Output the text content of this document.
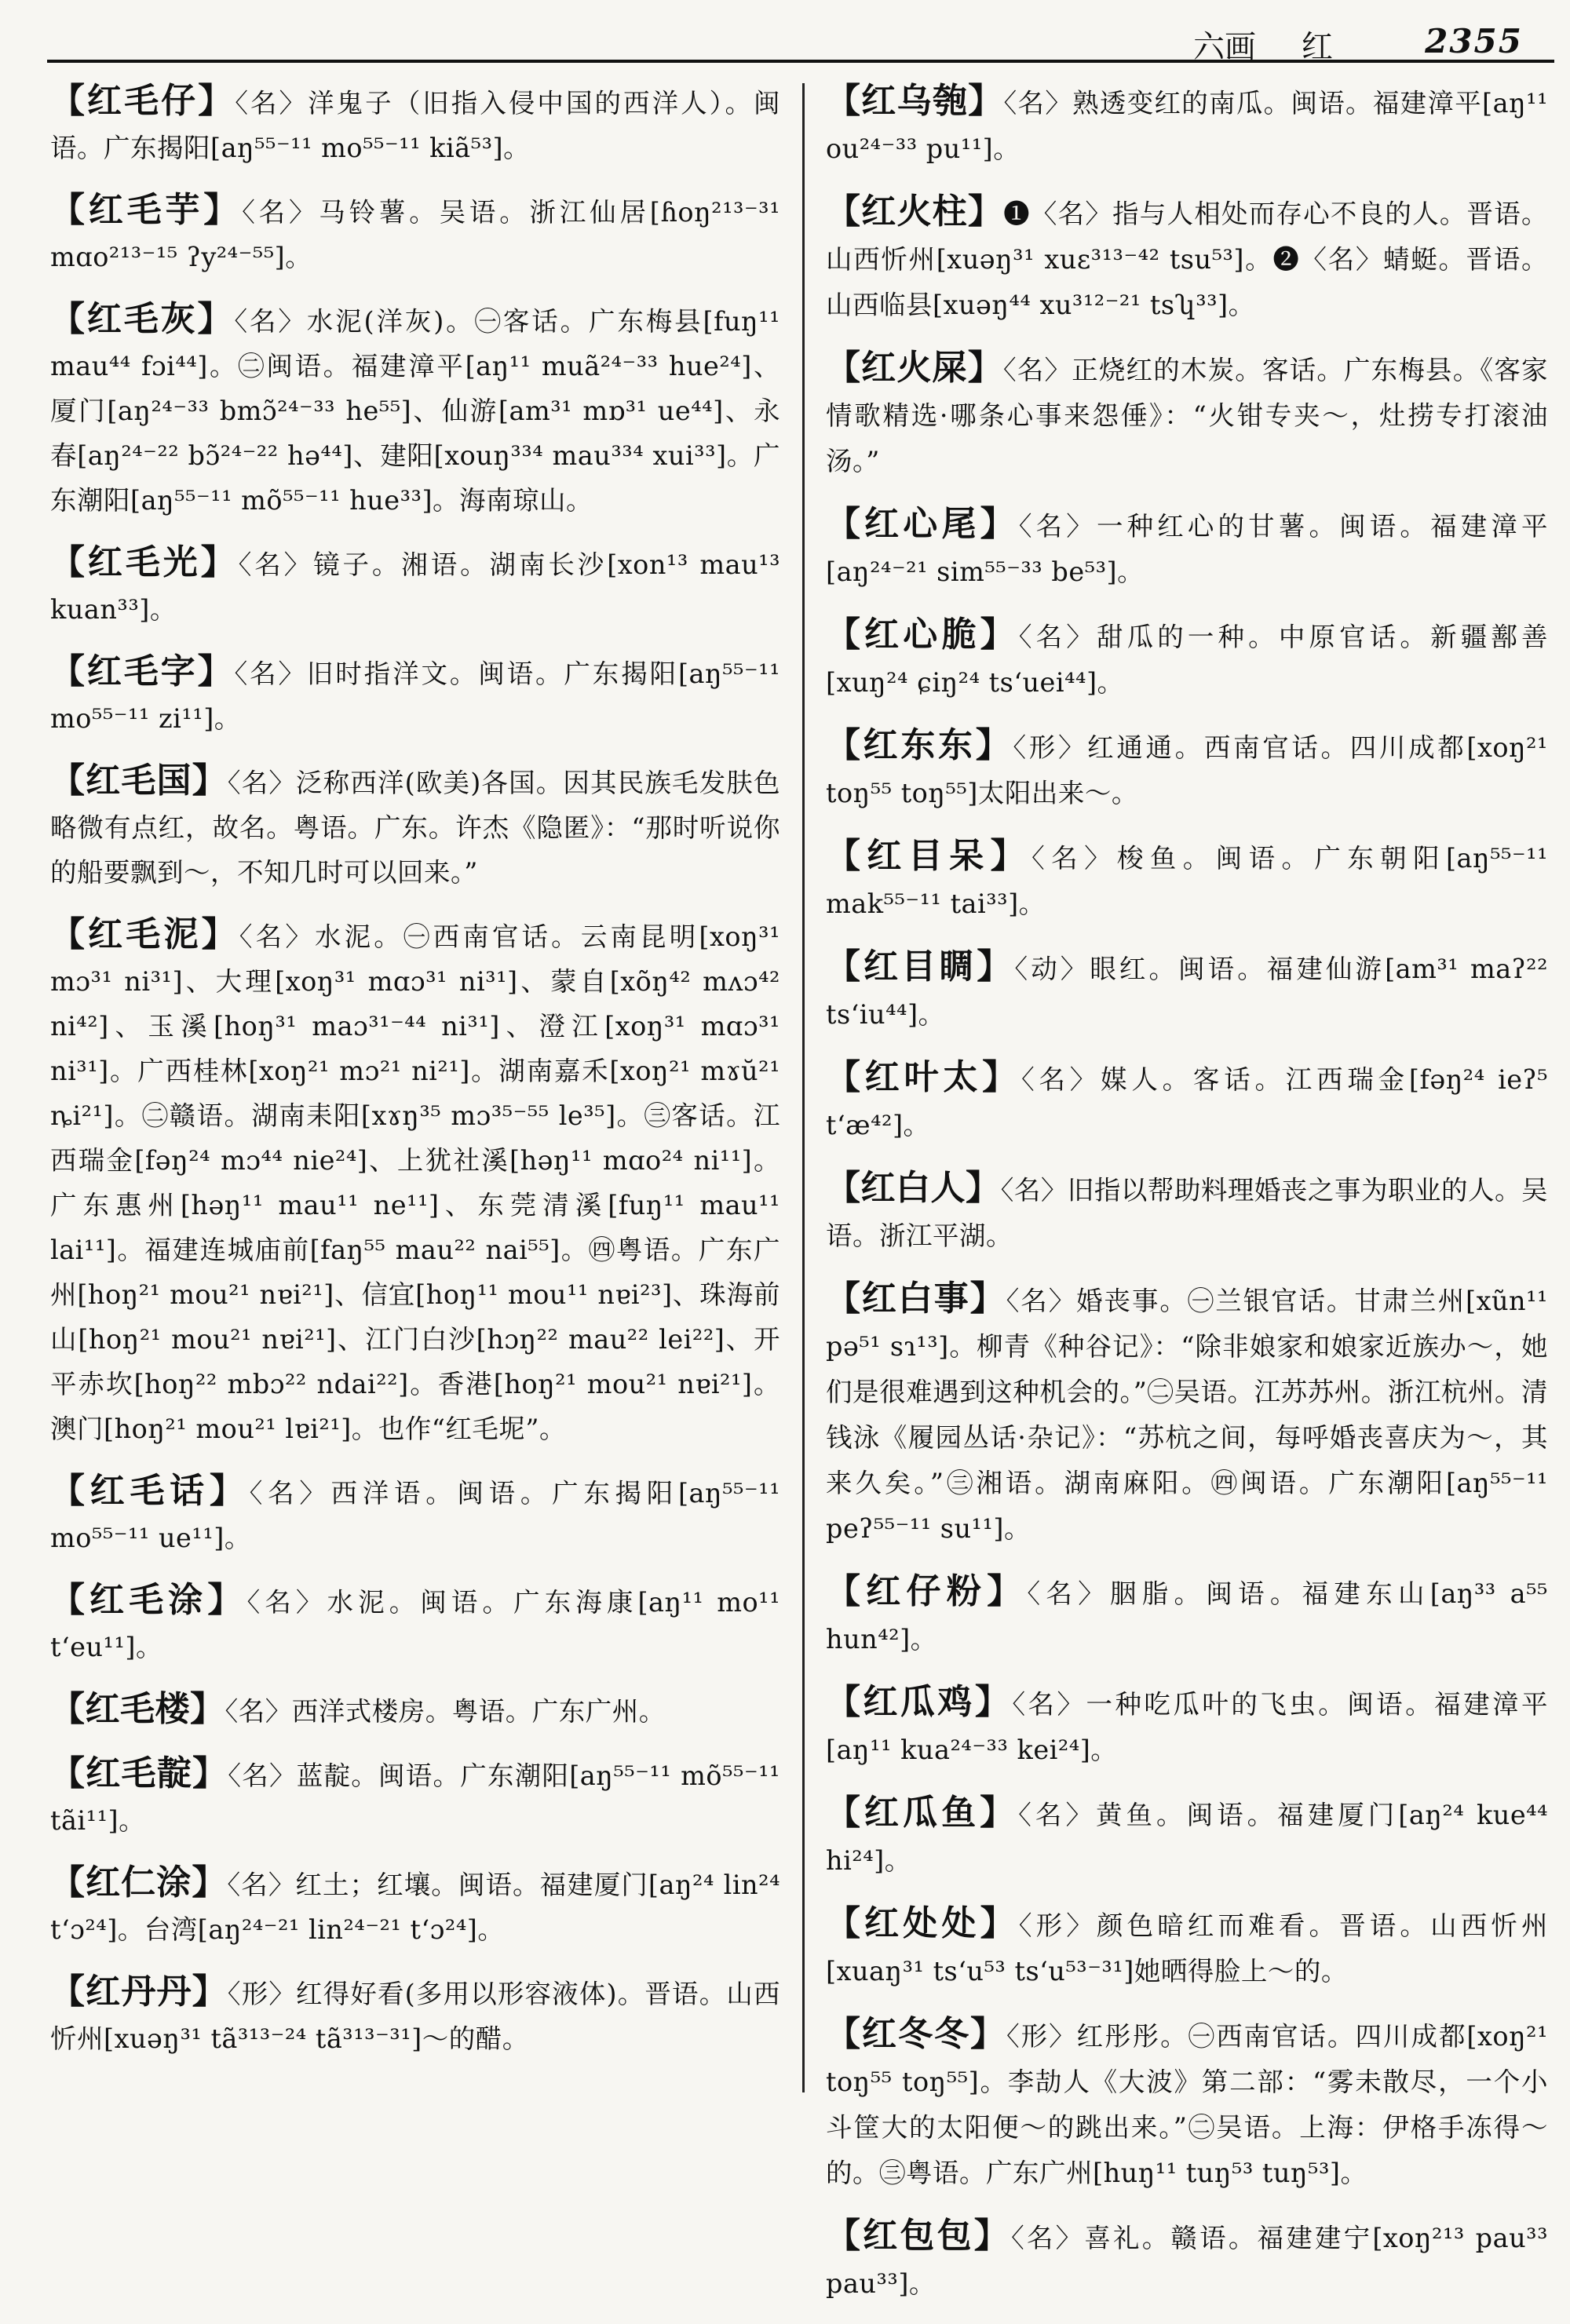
六画 红	2355

【红毛仔】〈名〉洋鬼子（旧指入侵中国的西洋人）。闽语。广东揭阳[aŋ⁵⁵⁻¹¹ mo⁵⁵⁻¹¹ kiã⁵³]。

【红毛芋】〈名〉马铃薯。吴语。浙江仙居[ɦoŋ²¹³⁻³¹ mɑo²¹³⁻¹⁵ ʔy²⁴⁻⁵⁵]。

【红毛灰】〈名〉水泥(洋灰)。㊀客话。广东梅县[fuŋ¹¹ mau⁴⁴ fɔi⁴⁴]。㊁闽语。福建漳平[aŋ¹¹ muã²⁴⁻³³ hue²⁴]、厦门[aŋ²⁴⁻³³ bmɔ̃²⁴⁻³³ he⁵⁵]、仙游[am³¹ mɒ³¹ ue⁴⁴]、永春[aŋ²⁴⁻²² bɔ̃²⁴⁻²² hə⁴⁴]、建阳[xouŋ³³⁴ mau³³⁴ xui³³]。广东潮阳[aŋ⁵⁵⁻¹¹ mõ⁵⁵⁻¹¹ hue³³]。海南琼山。

【红毛光】〈名〉镜子。湘语。湖南长沙[xon¹³ mau¹³ kuan³³]。

【红毛字】〈名〉旧时指洋文。闽语。广东揭阳[aŋ⁵⁵⁻¹¹ mo⁵⁵⁻¹¹ zi¹¹]。

【红毛国】〈名〉泛称西洋(欧美)各国。因其民族毛发肤色略微有点红，故名。粤语。广东。许杰《隐匿》：“那时听说你的船要飘到～，不知几时可以回来。”

【红毛泥】〈名〉水泥。㊀西南官话。云南昆明[xoŋ³¹ mɔ³¹ ni³¹]、大理[xoŋ³¹ mɑɔ³¹ ni³¹]、蒙自[xõŋ⁴² mʌɔ⁴² ni⁴²]、玉溪[hoŋ³¹ maɔ³¹⁻⁴⁴ ni³¹]、澄江[xoŋ³¹ mɑɔ³¹ ni³¹]。广西桂林[xoŋ²¹ mɔ²¹ ni²¹]。湖南嘉禾[xoŋ²¹ mɤŭ²¹ ȵi²¹]。㊁赣语。湖南耒阳[xɤŋ³⁵ mɔ³⁵⁻⁵⁵ le³⁵]。㊂客话。江西瑞金[fəŋ²⁴ mɔ⁴⁴ nie²⁴]、上犹社溪[həŋ¹¹ mɑo²⁴ ni¹¹]。广东惠州[həŋ¹¹ mau¹¹ ne¹¹]、东莞清溪[fuŋ¹¹ mau¹¹ lai¹¹]。福建连城庙前[faŋ⁵⁵ mau²² nai⁵⁵]。㊃粤语。广东广州[hoŋ²¹ mou²¹ nɐi²¹]、信宜[hoŋ¹¹ mou¹¹ nɐi²³]、珠海前山[hoŋ²¹ mou²¹ nɐi²¹]、江门白沙[hɔŋ²² mau²² lei²²]、开平赤坎[hoŋ²² mbɔ²² ndai²²]。香港[hoŋ²¹ mou²¹ nɐi²¹]。澳门[hoŋ²¹ mou²¹ lɐi²¹]。也作“红毛坭”。

【红毛话】〈名〉西洋语。闽语。广东揭阳[aŋ⁵⁵⁻¹¹ mo⁵⁵⁻¹¹ ue¹¹]。

【红毛涂】〈名〉水泥。闽语。广东海康[aŋ¹¹ mo¹¹ t‘eu¹¹]。

【红毛楼】〈名〉西洋式楼房。粤语。广东广州。

【红毛靛】〈名〉蓝靛。闽语。广东潮阳[aŋ⁵⁵⁻¹¹ mõ⁵⁵⁻¹¹ tãi¹¹]。

【红仁涂】〈名〉红土；红壤。闽语。福建厦门[aŋ²⁴ lin²⁴ t‘ɔ²⁴]。台湾[aŋ²⁴⁻²¹ lin²⁴⁻²¹ t‘ɔ²⁴]。

【红丹丹】〈形〉红得好看(多用以形容液体)。晋语。山西忻州[xuəŋ³¹ tã³¹³⁻²⁴ tã³¹³⁻³¹]～的醋。

【红乌匏】〈名〉熟透变红的南瓜。闽语。福建漳平[aŋ¹¹ ou²⁴⁻³³ pu¹¹]。

【红火柱】❶〈名〉指与人相处而存心不良的人。晋语。山西忻州[xuəŋ³¹ xuɛ³¹³⁻⁴² tsu⁵³]。❷〈名〉蜻蜓。晋语。山西临县[xuəŋ⁴⁴ xu³¹²⁻²¹ tsʮ³³]。

【红火屎】〈名〉正烧红的木炭。客话。广东梅县。《客家情歌精选·哪条心事来怨倕》：“火钳专夹～，灶捞专打滚油汤。”

【红心尾】〈名〉一种红心的甘薯。闽语。福建漳平[aŋ²⁴⁻²¹ sim⁵⁵⁻³³ be⁵³]。

【红心脆】〈名〉甜瓜的一种。中原官话。新疆鄯善[xuŋ²⁴ ɕiŋ²⁴ ts‘uei⁴⁴]。

【红东东】〈形〉红通通。西南官话。四川成都[xoŋ²¹ toŋ⁵⁵ toŋ⁵⁵]太阳出来～。

【红目呆】〈名〉梭鱼。闽语。广东朝阳[aŋ⁵⁵⁻¹¹ mak⁵⁵⁻¹¹ tai³³]。

【红目睭】〈动〉眼红。闽语。福建仙游[am³¹ maʔ²² ts‘iu⁴⁴]。

【红叶太】〈名〉媒人。客话。江西瑞金[fəŋ²⁴ ieʔ⁵ t‘æ⁴²]。

【红白人】〈名〉旧指以帮助料理婚丧之事为职业的人。吴语。浙江平湖。

【红白事】〈名〉婚丧事。㊀兰银官话。甘肃兰州[xũn¹¹ pə⁵¹ sɿ¹³]。柳青《种谷记》：“除非娘家和娘家近族办～，她们是很难遇到这种机会的。”㊁吴语。江苏苏州。浙江杭州。清钱泳《履园丛话·杂记》：“苏杭之间，每呼婚丧喜庆为～，其来久矣。”㊂湘语。湖南麻阳。㊃闽语。广东潮阳[aŋ⁵⁵⁻¹¹ peʔ⁵⁵⁻¹¹ su¹¹]。

【红仔粉】〈名〉胭脂。闽语。福建东山[aŋ³³ a⁵⁵ hun⁴²]。

【红瓜鸡】〈名〉一种吃瓜叶的飞虫。闽语。福建漳平[aŋ¹¹ kua²⁴⁻³³ kei²⁴]。

【红瓜鱼】〈名〉黄鱼。闽语。福建厦门[aŋ²⁴ kue⁴⁴ hi²⁴]。

【红处处】〈形〉颜色暗红而难看。晋语。山西忻州[xuaŋ³¹ ts‘u⁵³ ts‘u⁵³⁻³¹]她晒得脸上～的。

【红冬冬】〈形〉红彤彤。㊀西南官话。四川成都[xoŋ²¹ toŋ⁵⁵ toŋ⁵⁵]。李劼人《大波》第二部：“雾未散尽，一个小斗筐大的太阳便～的跳出来。”㊁吴语。上海：伊格手冻得～的。㊂粤语。广东广州[huŋ¹¹ tuŋ⁵³ tuŋ⁵³]。

【红包包】〈名〉喜礼。赣语。福建建宁[xoŋ²¹³ pau³³ pau³³]。
